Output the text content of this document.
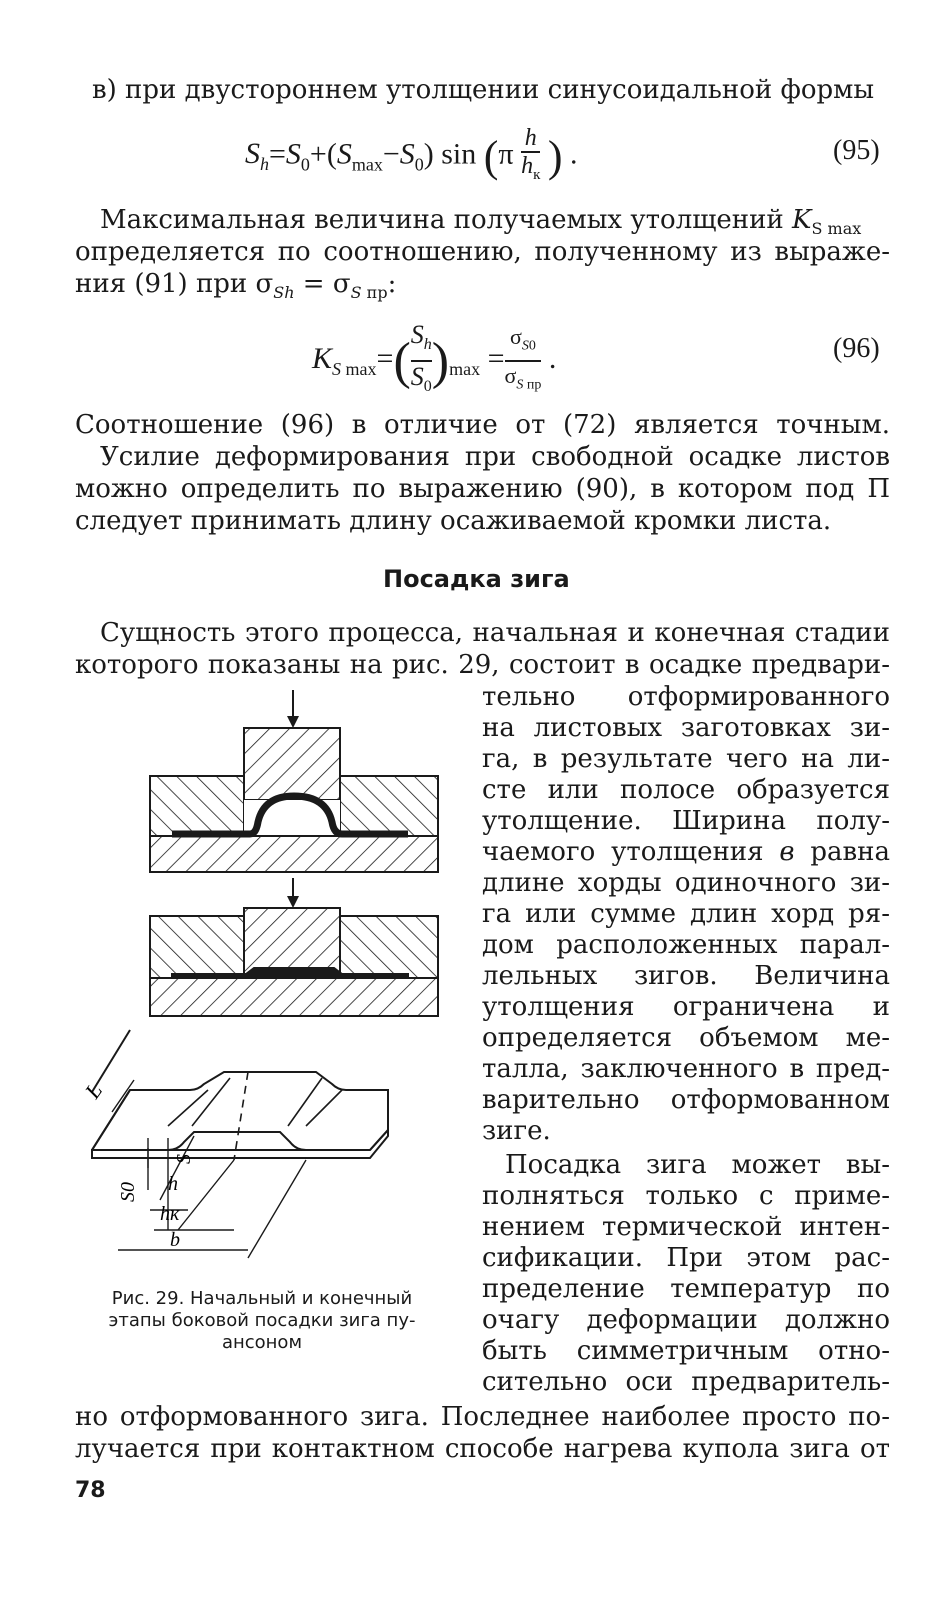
в) при двустороннем утолщении синусоидальной формы
$S_h=S_0+(S_{max}-S_0)$ sin (π h

$h_к$ ) .	(95)
Максимальная величина получаемых утолщений $K_{S max}$
определяется по соотношению, полученному из выраже-
ния (91) при $\sigma_{Sh} = \sigma_{S пр}$:
$K_{S max}=(\frac{S_h}{S_0} )_{max} =\sigma_{S0}$

$\sigma_{S пр}$
.	(96)
Соотношение (96) в отличие от (72) является точным.
Усилие деформирования при свободной осадке листов
можно определить по выражению (90), в котором под П
следует принимать длину осаживаемой кромки листа.
Посадка зига
Сущность этого процесса, начальная и конечная стадии
которого показаны на рис. 29, состоит в осадке предвари-
тельно отформированного
на листовых заготовках зи-
га, в результате чего на ли-
сте или полосе образуется
утолщение. Ширина полу-
чаемого утолщения в равна
длине хорды одиночного зи-
га или сумме длин хорд ря-
дом расположенных парал-
лельных зигов. Величина
утолщения ограничена и
определяется объемом ме-
талла, заключенного в пред-
варительно отформованном
зиге.
Посадка зига может вы-
полняться только с приме-
нением термической интен-
сификации. При этом рас-
пределение температур по
очагу деформации должно
быть симметричным отно-
сительно оси предваритель-
но отформованного зига. Последнее наиболее просто по-
лучается при контактном способе нагрева купола зига от
L
S
S0 h
hк
b
Рис. 29. Начальный и конечный
этапы боковой посадки зига пу-
ансоном
78
